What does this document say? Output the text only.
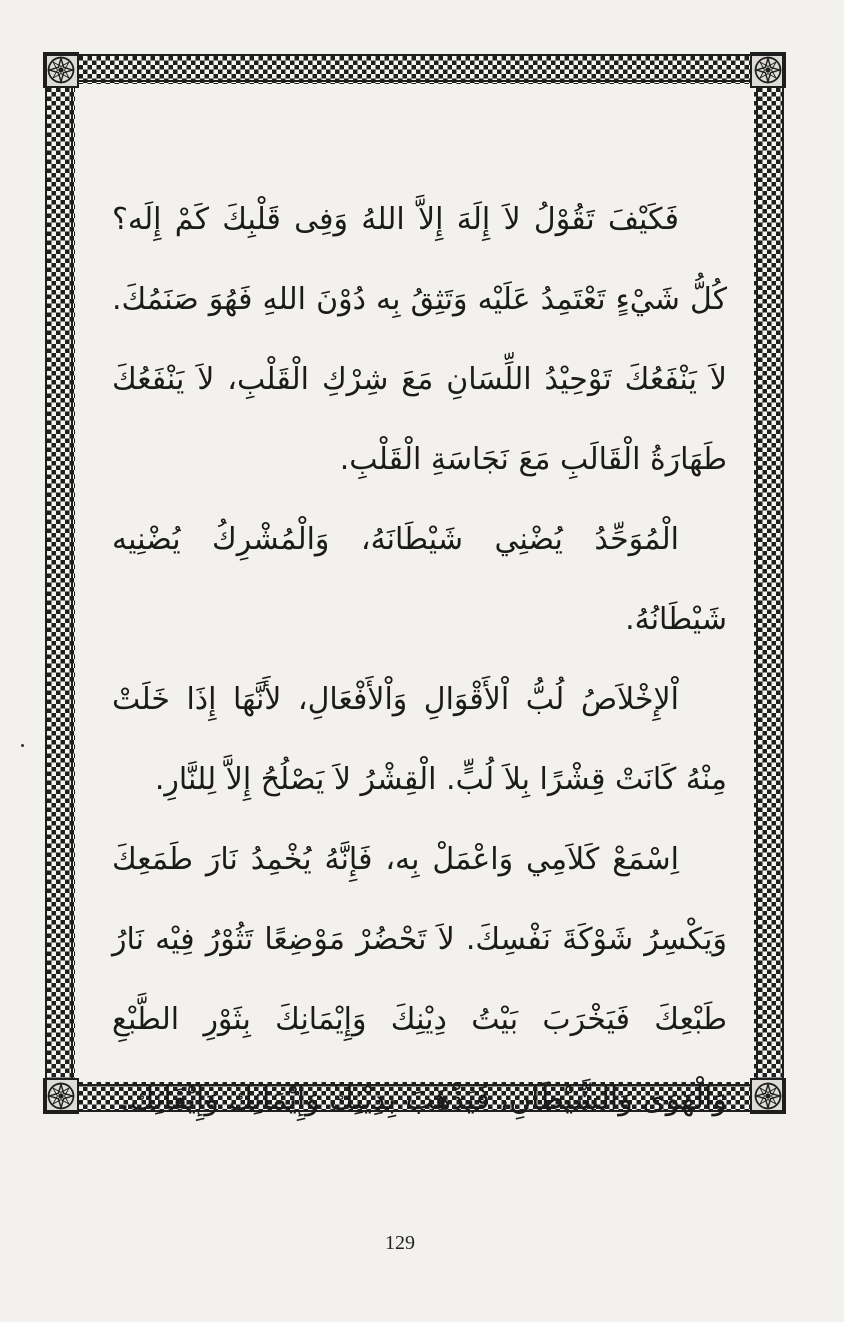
فَكَيْفَ تَقُوْلُ لاَ إِلَهَ إِلاَّ اللهُ وَفِى قَلْبِكَ كَمْ إِلَه؟ كُلُّ شَيْءٍ تَعْتَمِدُ عَلَيْه وَتَثِقُ بِه دُوْنَ اللهِ فَهُوَ صَنَمُكَ. لاَ يَنْفَعُكَ تَوْحِيْدُ اللِّسَانِ مَعَ شِرْكِ الْقَلْبِ، لاَ يَنْفَعُكَ طَهَارَةُ الْقَالَبِ مَعَ نَجَاسَةِ الْقَلْبِ.

الْمُوَحِّدُ يُضْنِي شَيْطَانَهُ، وَالْمُشْرِكُ يُضْنِيه شَيْطَانُهُ.

اْلإِخْلاَصُ لُبُّ اْلأَقْوَالِ وَاْلأَفْعَالِ، لأَنَّهَا إِذَا خَلَتْ مِنْهُ كَانَتْ قِشْرًا بِلاَ لُبٍّ. الْقِشْرُ لاَ يَصْلُحُ إِلاَّ لِلنَّارِ.

اِسْمَعْ كَلاَمِي وَاعْمَلْ بِه، فَإِنَّهُ يُخْمِدُ نَارَ طَمَعِكَ وَيَكْسِرُ شَوْكَةَ نَفْسِكَ. لاَ تَحْضُرْ مَوْضِعًا تَثُوْرُ فِيْه نَارُ طَبْعِكَ فَيَخْرَبَ بَيْتُ دِيْنِكَ وَإِيْمَانِكَ بِثَوْرِ الطَّبْعِ وَالْهَوَى وَالشَّيْطَانِ، فَيَذْهَبَ بِدِيْنِكَ وَإِيْمَانِكَ وَإِيْقَانِكَ.

129
